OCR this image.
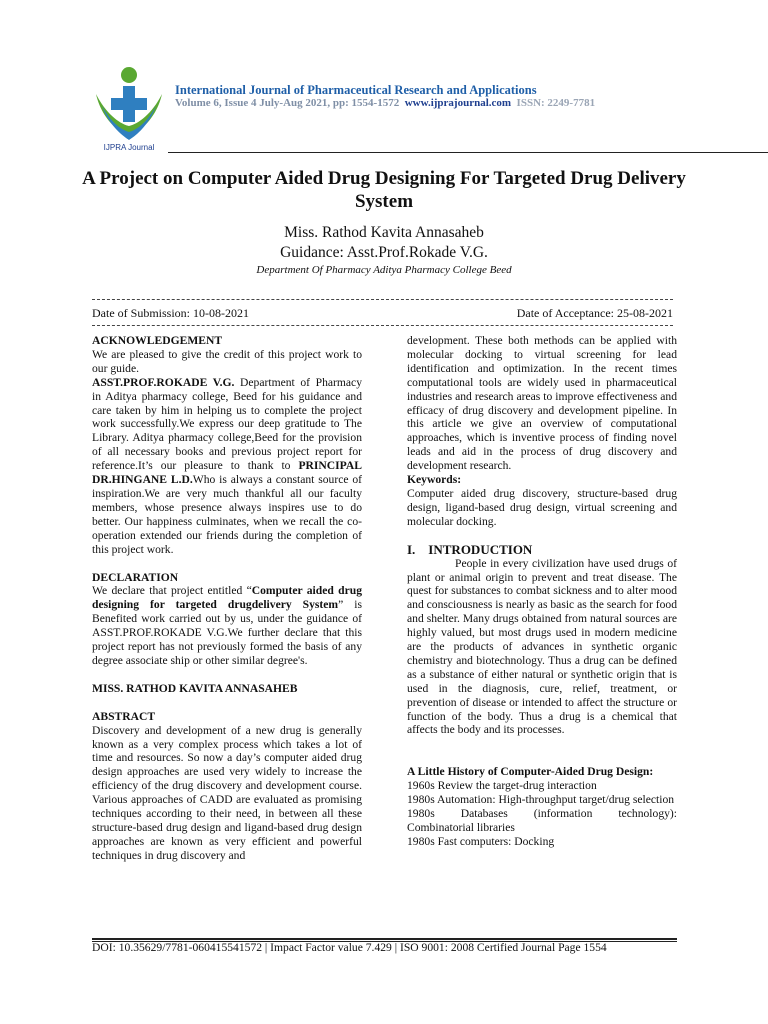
IJPRA Journal
International Journal of Pharmaceutical Research and Applications
Volume 6, Issue 4 July-Aug 2021, pp: 1554-1572 www.ijprajournal.com ISSN: 2249-7781
A Project on Computer Aided Drug Designing For Targeted Drug Delivery System
Miss. Rathod Kavita Annasaheb
Guidance: Asst.Prof.Rokade V.G.
Department Of Pharmacy Aditya Pharmacy College Beed
Date of Submission: 10-08-2021	Date of Acceptance: 25-08-2021

ACKNOWLEDGEMENT

We are pleased to give the credit of this project work to our guide.

ASST.PROF.ROKADE V.G. Department of Pharmacy in Aditya pharmacy college, Beed for his guidance and care taken by him in helping us to complete the project work successfully.We express our deep gratitude to The Library. Aditya pharmacy college,Beed for the provision of all necessary books and previous project report for reference.It’s our pleasure to thank to PRINCIPAL DR.HINGANE L.D.Who is always a constant source of inspiration.We are very much thankful all our faculty members, whose presence always inspires use to do better. Our happiness culminates, when we recall the co-operation extended our friends during the completion of this project work.

DECLARATION

We declare that project entitled “Computer aided drug designing for targeted drugdelivery System” is Benefited work carried out by us, under the guidance of ASST.PROF.ROKADE V.G.We further declare that this project report has not previously formed the basis of any degree associate ship or other similar degree's.

MISS. RATHOD KAVITA ANNASAHEB

ABSTRACT

Discovery and development of a new drug is generally known as a very complex process which takes a lot of time and resources. So now a day’s computer aided drug design approaches are used very widely to increase the efficiency of the drug discovery and development course. Various approaches of CADD are evaluated as promising techniques according to their need, in between all these structure-based drug design and ligand-based drug design approaches are known as very efficient and powerful techniques in drug discovery and

development. These both methods can be applied with molecular docking to virtual screening for lead identification and optimization. In the recent times computational tools are widely used in pharmaceutical industries and research areas to improve effectiveness and efficacy of drug discovery and development pipeline. In this article we give an overview of computational approaches, which is inventive process of finding novel leads and aid in the process of drug discovery and development research.

Keywords:

Computer aided drug discovery, structure-based drug design, ligand-based drug design, virtual screening and molecular docking.

I.    INTRODUCTION

People in every civilization have used drugs of plant or animal origin to prevent and treat disease. The quest for substances to combat sickness and to alter mood and consciousness is nearly as basic as the search for food and shelter. Many drugs obtained from natural sources are highly valued, but most drugs used in modern medicine are the products of advances in synthetic organic chemistry and biotechnology. Thus a drug can be defined as a substance of either natural or synthetic origin that is used in the diagnosis, cure, relief, treatment, or prevention of disease or intended to affect the structure or function of the body. Thus a drug is a chemical that affects the body and its processes.

A Little History of Computer-Aided Drug Design:

1960s Review the target-drug interaction

1980s Automation: High-throughput target/drug selection

1980s Databases (information technology): Combinatorial libraries

1980s Fast computers: Docking

DOI: 10.35629/7781-060415541572 | Impact Factor value 7.429 | ISO 9001: 2008 Certified Journal Page 1554
